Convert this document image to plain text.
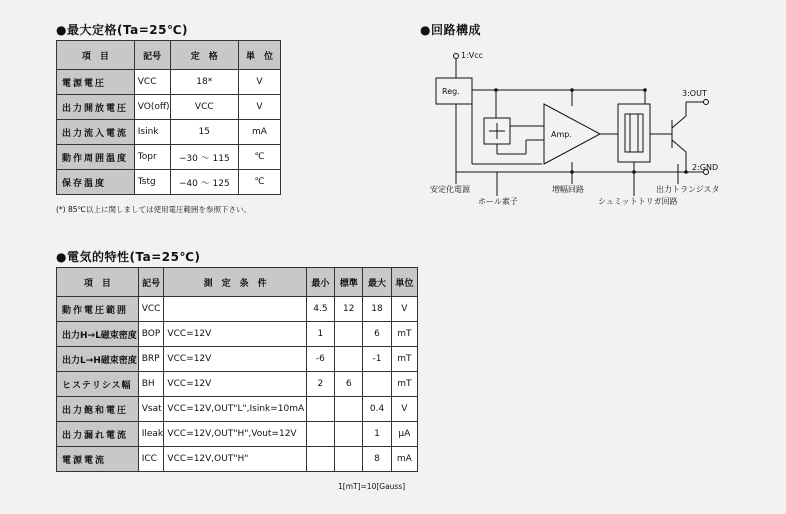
●最大定格(Ta=25℃)
項　目	記号	定　格	単　位
電源電圧	VCC	18*	V
出力開放電圧	VO(off)	VCC	V
出力流入電流	Isink	15	mA
動作周囲温度	Topr	−30 ～ 115	℃
保存温度	Tstg	−40 ～ 125	℃
(*) 85℃以上に関しましては使用電圧範囲を参照下さい。
●回路構成
1:Vcc
Reg.
Amp.
3:OUT
2:GND
安定化電源
ホール素子
増幅回路
シュミットトリガ回路
出力トランジスタ
●電気的特性(Ta=25℃)
項　目	記号	測　定　条　件	最小	標準	最大	単位
動作電圧範囲	VCC		4.5	12	18	V
出力H→L磁束密度	BOP	VCC=12V	1		6	mT
出力L→H磁束密度	BRP	VCC=12V	-6		-1	mT
ヒステリシス幅	BH	VCC=12V	2	6		mT
出力飽和電圧	Vsat	VCC=12V,OUT"L",Isink=10mA			0.4	V
出力漏れ電流	Ileak	VCC=12V,OUT"H",Vout=12V			1	μA
電源電流	ICC	VCC=12V,OUT"H"			8	mA
1[mT]=10[Gauss]
